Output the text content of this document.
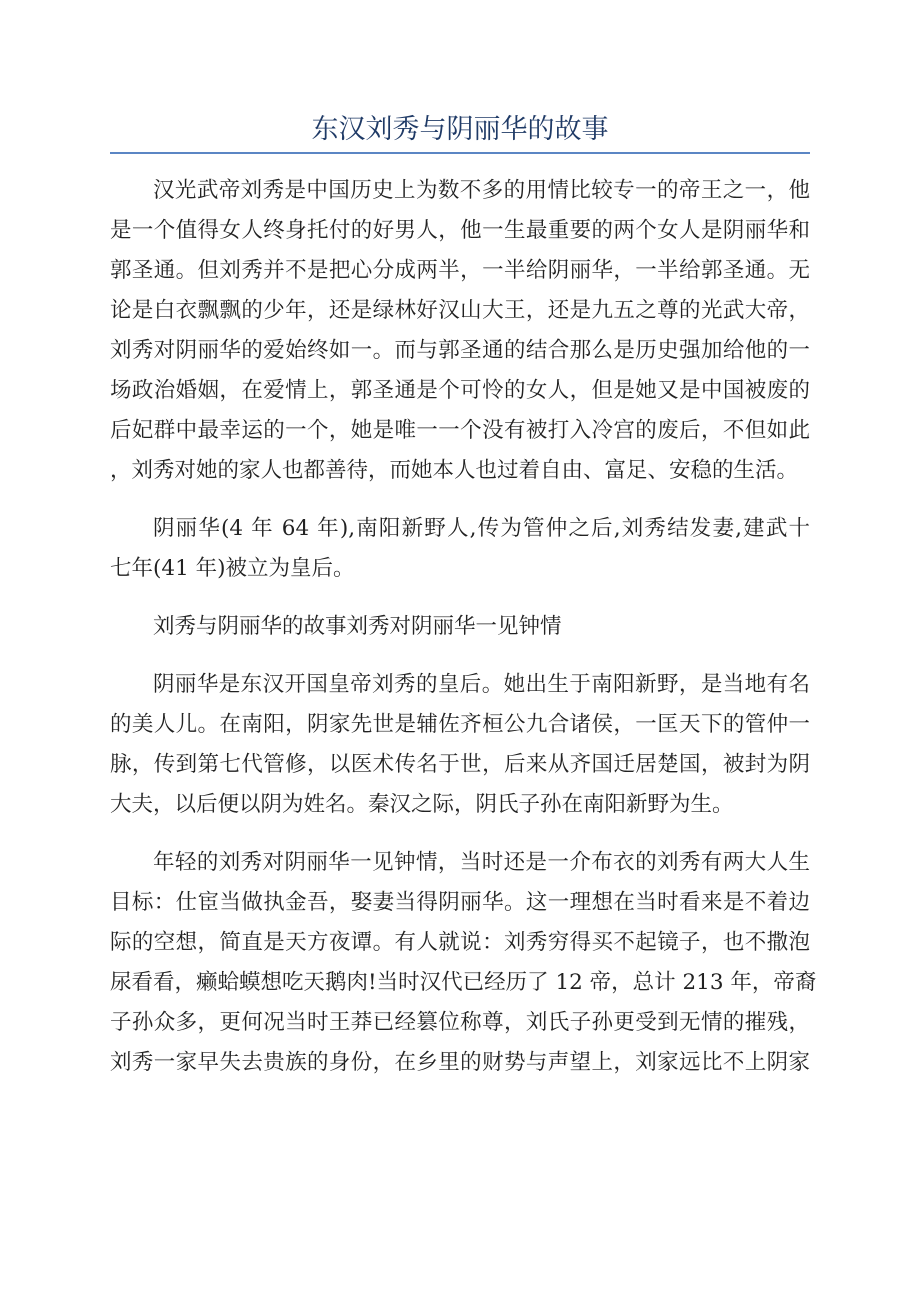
东汉刘秀与阴丽华的故事
汉光武帝刘秀是中国历史上为数不多的用情比较专一的帝王之一，他
是一个值得女人终身托付的好男人，他一生最重要的两个女人是阴丽华和
郭圣通。但刘秀并不是把心分成两半，一半给阴丽华，一半给郭圣通。无
论是白衣飘飘的少年，还是绿林好汉山大王，还是九五之尊的光武大帝，
刘秀对阴丽华的爱始终如一。而与郭圣通的结合那么是历史强加给他的一
场政治婚姻，在爱情上，郭圣通是个可怜的女人，但是她又是中国被废的
后妃群中最幸运的一个，她是唯一一个没有被打入冷宫的废后，不但如此
，刘秀对她的家人也都善待，而她本人也过着自由、富足、安稳的生活。
阴丽华(4 年 64 年),南阳新野人,传为管仲之后,刘秀结发妻,建武十
七年(41 年)被立为皇后。
刘秀与阴丽华的故事刘秀对阴丽华一见钟情
阴丽华是东汉开国皇帝刘秀的皇后。她出生于南阳新野，是当地有名
的美人儿。在南阳，阴家先世是辅佐齐桓公九合诸侯，一匡天下的管仲一
脉，传到第七代管修，以医术传名于世，后来从齐国迁居楚国，被封为阴
大夫，以后便以阴为姓名。秦汉之际，阴氏子孙在南阳新野为生。
年轻的刘秀对阴丽华一见钟情，当时还是一介布衣的刘秀有两大人生
目标：仕宦当做执金吾，娶妻当得阴丽华。这一理想在当时看来是不着边
际的空想，简直是天方夜谭。有人就说：刘秀穷得买不起镜子，也不撒泡
尿看看，癞蛤蟆想吃天鹅肉!当时汉代已经历了 12 帝，总计 213 年，帝裔
子孙众多，更何况当时王莽已经篡位称尊，刘氏子孙更受到无情的摧残，
刘秀一家早失去贵族的身份，在乡里的财势与声望上，刘家远比不上阴家
